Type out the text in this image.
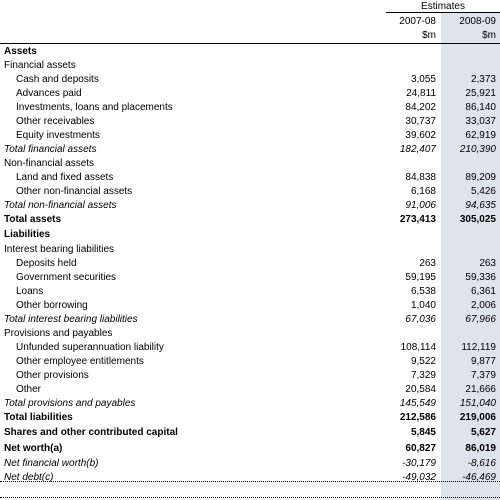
Estimates
2007-08	2008-09
$m	$m
Assets
Financial assets
Cash and deposits	3,055	2,373
Advances paid	24,811	25,921
Investments, loans and placements	84,202	86,140
Other receivables	30,737	33,037
Equity investments	39,602	62,919
Total financial assets	182,407	210,390
Non-financial assets
Land and fixed assets	84,838	89,209
Other non-financial assets	6,168	5,426
Total non-financial assets	91,006	94,635
Total assets	273,413	305,025
Liabilities
Interest bearing liabilities
Deposits held	263	263
Government securities	59,195	59,336
Loans	6,538	6,361
Other borrowing	1,040	2,006
Total interest bearing liabilities	67,036	67,966
Provisions and payables
Unfunded superannuation liability	108,114	112,119
Other employee entitlements	9,522	9,877
Other provisions	7,329	7,379
Other	20,584	21,666
Total provisions and payables	145,549	151,040
Total liabilities	212,586	219,006
Shares and other contributed capital	5,845	5,627
Net worth(a)	60,827	86,019
Net financial worth(b)	-30,179	-8,616
Net debt(c)	-49,032	-46,469
